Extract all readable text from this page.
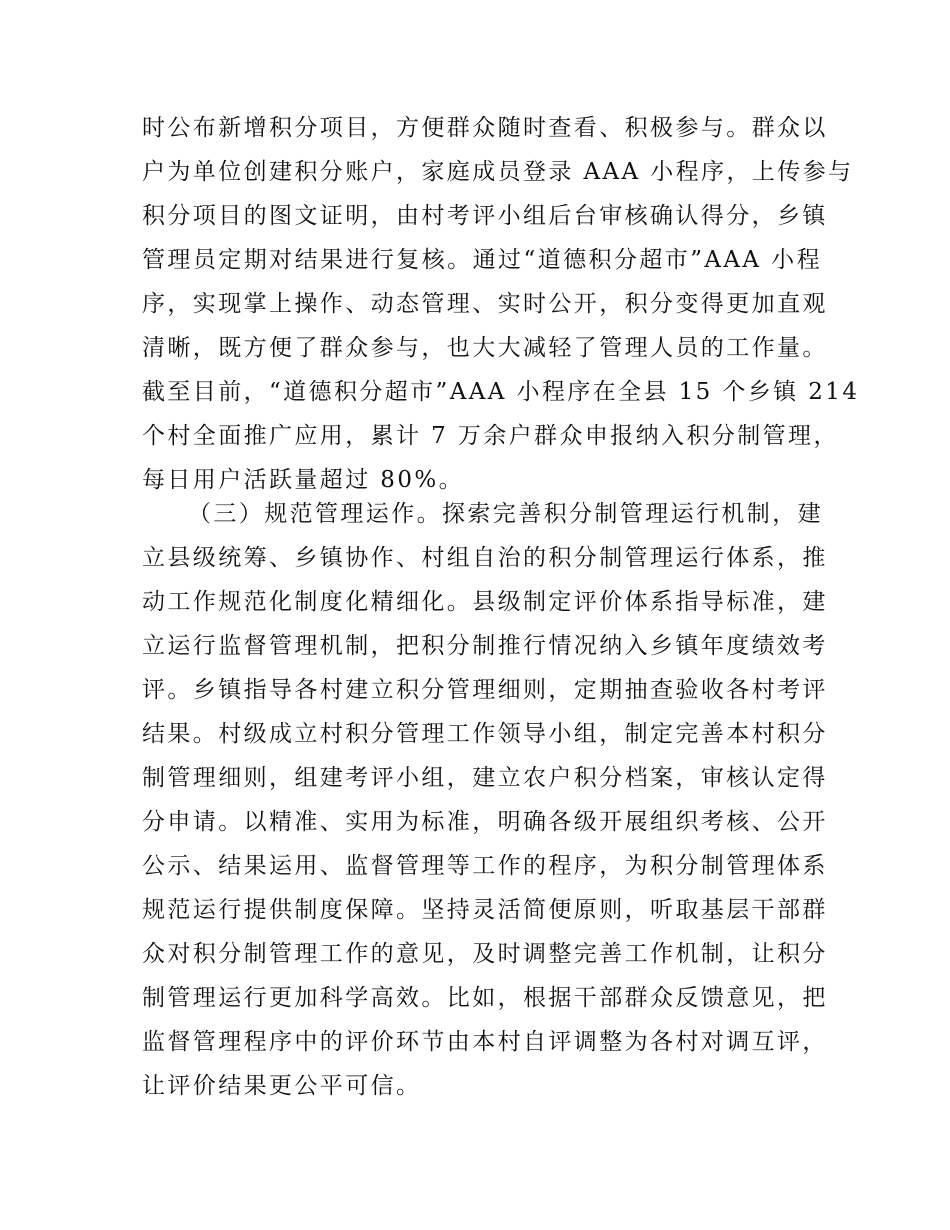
时公布新增积分项目，方便群众随时查看、积极参与。群众以
户为单位创建积分账户，家庭成员登录 AAA 小程序，上传参与
积分项目的图文证明，由村考评小组后台审核确认得分，乡镇
管理员定期对结果进行复核。通过“道德积分超市”AAA 小程
序，实现掌上操作、动态管理、实时公开，积分变得更加直观
清晰，既方便了群众参与，也大大减轻了管理人员的工作量。
截至目前，“道德积分超市”AAA 小程序在全县 15 个乡镇 214
个村全面推广应用，累计 7 万余户群众申报纳入积分制管理，
每日用户活跃量超过 80%。
（三）规范管理运作。探索完善积分制管理运行机制，建
立县级统筹、乡镇协作、村组自治的积分制管理运行体系，推
动工作规范化制度化精细化。县级制定评价体系指导标准，建
立运行监督管理机制，把积分制推行情况纳入乡镇年度绩效考
评。乡镇指导各村建立积分管理细则，定期抽查验收各村考评
结果。村级成立村积分管理工作领导小组，制定完善本村积分
制管理细则，组建考评小组，建立农户积分档案，审核认定得
分申请。以精准、实用为标准，明确各级开展组织考核、公开
公示、结果运用、监督管理等工作的程序，为积分制管理体系
规范运行提供制度保障。坚持灵活简便原则，听取基层干部群
众对积分制管理工作的意见，及时调整完善工作机制，让积分
制管理运行更加科学高效。比如，根据干部群众反馈意见，把
监督管理程序中的评价环节由本村自评调整为各村对调互评，
让评价结果更公平可信。
